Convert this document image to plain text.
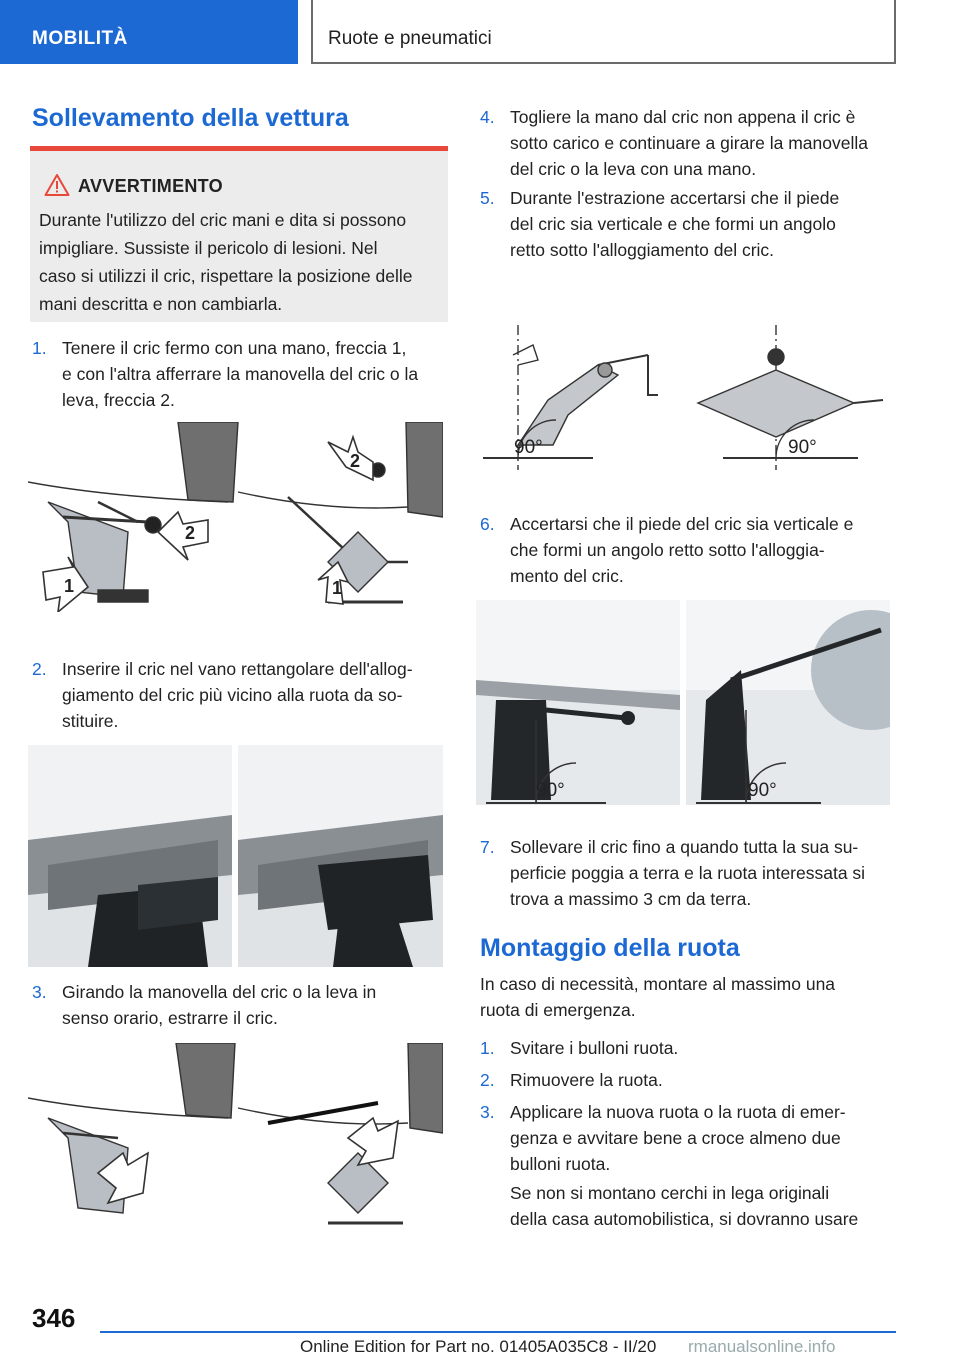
MOBILITÀ	Ruote e pneumatici
Sollevamento della vettura
AVVERTIMENTO
Durante l'utilizzo del cric mani e dita si possono
impigliare. Sussiste il pericolo di lesioni. Nel
caso si utilizzi il cric, rispettare la posizione delle
mani descritta e non cambiarla.
1. Tenere il cric fermo con una mano, freccia 1,
e con l'altra afferrare la manovella del cric o la
leva, freccia 2.
1
2
2
1
2. Inserire il cric nel vano rettangolare dell'allog-
giamento del cric più vicino alla ruota da so-
stituire.
3. Girando la manovella del cric o la leva in
senso orario, estrarre il cric.
4. Togliere la mano dal cric non appena il cric è
sotto carico e continuare a girare la manovella
del cric o la leva con una mano.
5. Durante l'estrazione accertarsi che il piede
del cric sia verticale e che formi un angolo
retto sotto l'alloggiamento del cric.
90°	90°
6. Accertarsi che il piede del cric sia verticale e
che formi un angolo retto sotto l'alloggia-
mento del cric.
90°	90°
7. Sollevare il cric fino a quando tutta la sua su-
perficie poggia a terra e la ruota interessata si
trova a massimo 3 cm da terra.
Montaggio della ruota
In caso di necessità, montare al massimo una
ruota di emergenza.
1. Svitare i bulloni ruota.
2. Rimuovere la ruota.
3. Applicare la nuova ruota o la ruota di emer-
genza e avvitare bene a croce almeno due
bulloni ruota.
Se non si montano cerchi in lega originali
della casa automobilistica, si dovranno usare
346
Online Edition for Part no. 01405A035C8 - II/20 rmanualsonline.info
